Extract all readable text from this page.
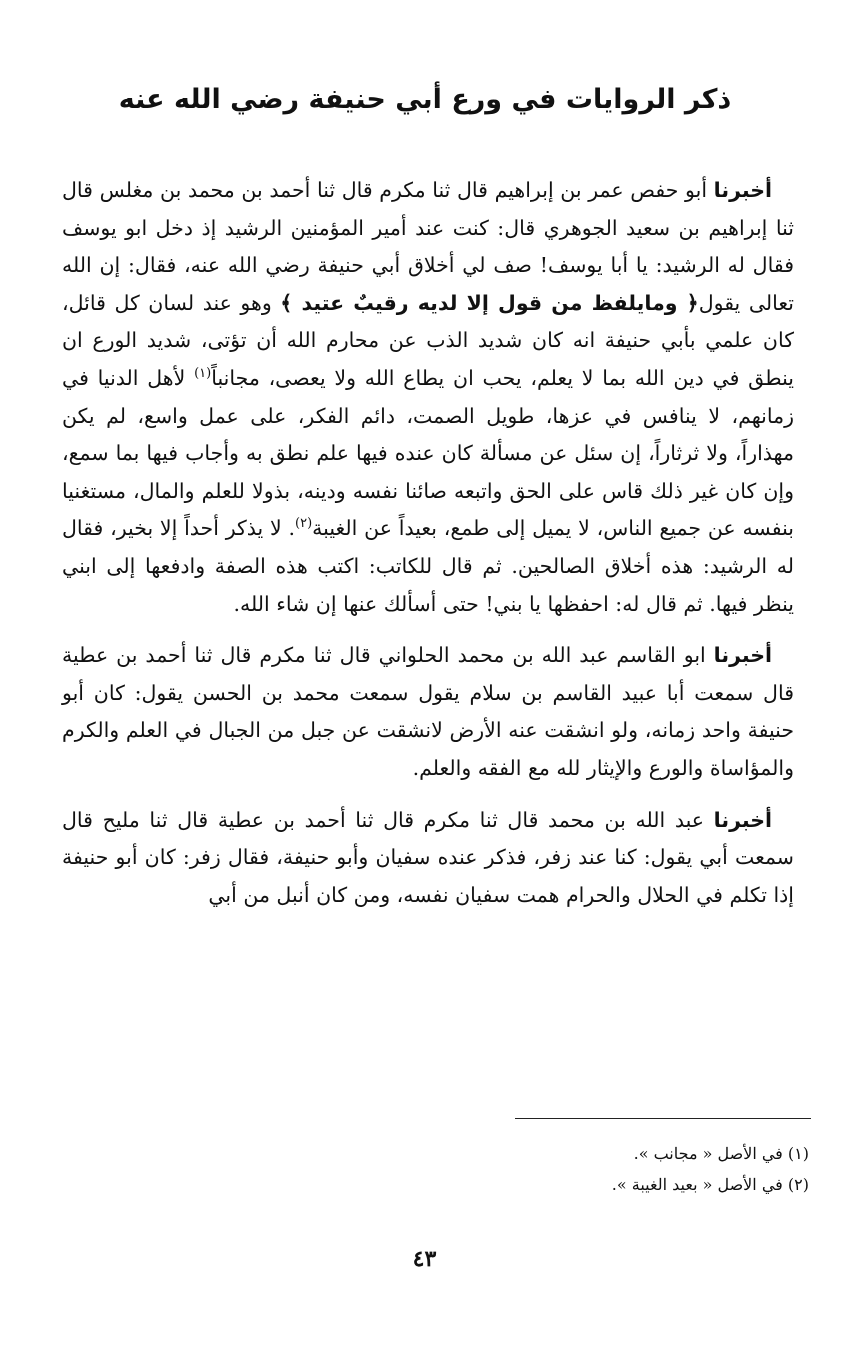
ذكر الروايات في ورع أبي حنيفة رضي الله عنه

أخبرنا أبو حفص عمر بن إبراهيم قال ثنا مكرم قال ثنا أحمد بن محمد بن مغلس قال ثنا إبراهيم بن سعيد الجوهري قال: كنت عند أمير المؤمنين الرشيد إذ دخل ابو يوسف فقال له الرشيد: يا أبا يوسف! صف لي أخلاق أبي حنيفة رضي الله عنه، فقال: إن الله تعالى يقول﴿ ومايلفظ من قول إلا لديه رقيبٌ عتيد ﴾ وهو عند لسان كل قائل، كان علمي بأبي حنيفة انه كان شديد الذب عن محارم الله أن تؤتى، شديد الورع ان ينطق في دين الله بما لا يعلم، يحب ان يطاع الله ولا يعصى، مجانباً$^{(١)}$ لأهل الدنيا في زمانهم، لا ينافس في عزها، طويل الصمت، دائم الفكر، على عمل واسع، لم يكن مهذاراً، ولا ثرثاراً، إن سئل عن مسألة كان عنده فيها علم نطق به وأجاب فيها بما سمع، وإن كان غير ذلك قاس على الحق واتبعه صائنا نفسه ودينه، بذولا للعلم والمال، مستغنيا بنفسه عن جميع الناس، لا يميل إلى طمع، بعيداً عن الغيبة$^{(٢)}$. لا يذكر أحداً إلا بخير، فقال له الرشيد: هذه أخلاق الصالحين. ثم قال للكاتب: اكتب هذه الصفة وادفعها إلى ابني ينظر فيها. ثم قال له: احفظها يا بني! حتى أسألك عنها إن شاء الله.

أخبرنا ابو القاسم عبد الله بن محمد الحلواني قال ثنا مكرم قال ثنا أحمد بن عطية قال سمعت أبا عبيد القاسم بن سلام يقول سمعت محمد بن الحسن يقول: كان أبو حنيفة واحد زمانه، ولو انشقت عنه الأرض لانشقت عن جبل من الجبال في العلم والكرم والمؤاساة والورع والإيثار لله مع الفقه والعلم.

أخبرنا عبد الله بن محمد قال ثنا مكرم قال ثنا أحمد بن عطية قال ثنا مليح قال سمعت أبي يقول: كنا عند زفر، فذكر عنده سفيان وأبو حنيفة، فقال زفر: كان أبو حنيفة إذا تكلم في الحلال والحرام همت سفيان نفسه، ومن كان أنبل من أبي

(١) في الأصل « مجانب ».

(٢) في الأصل « بعيد الغيبة ».

٤٣
